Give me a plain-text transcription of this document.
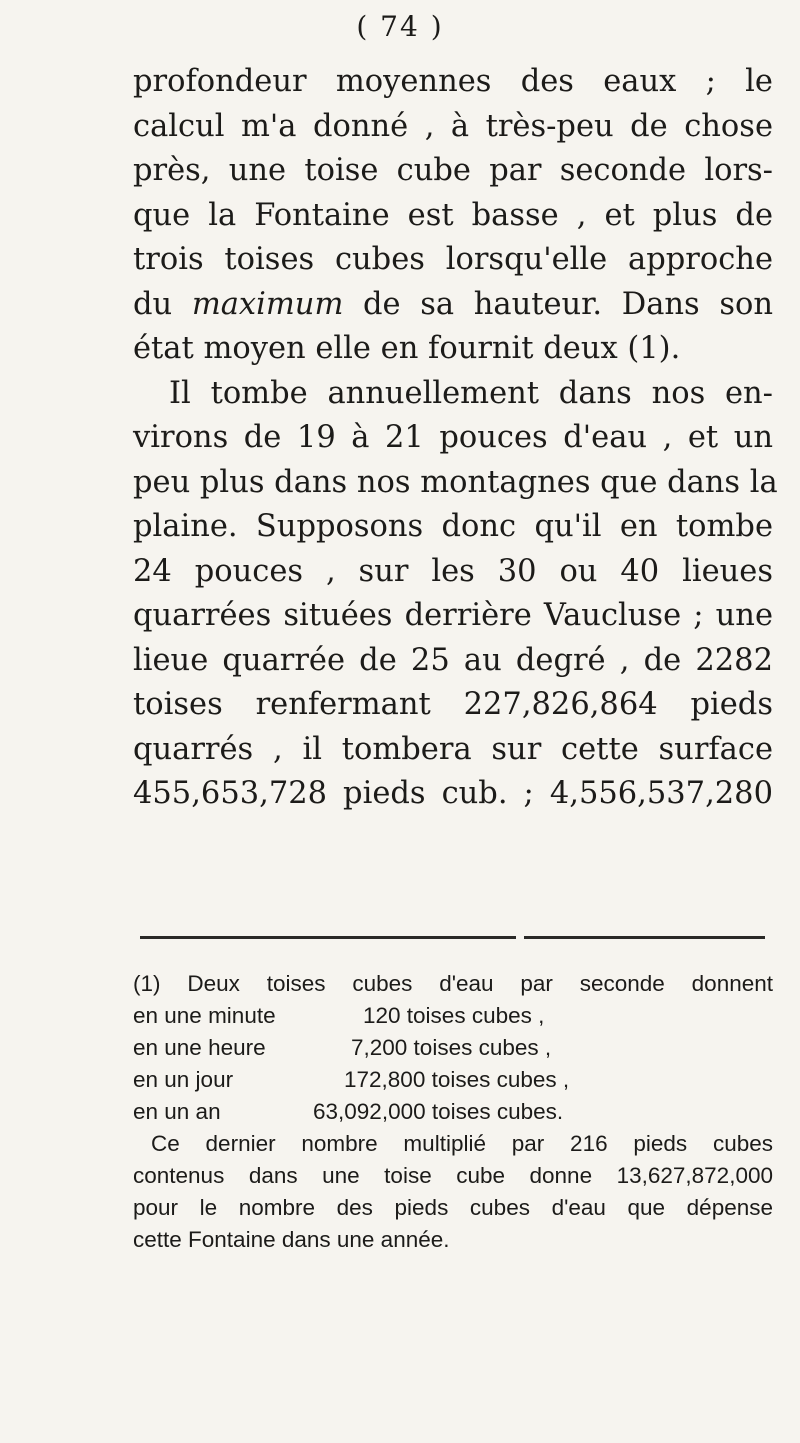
( 74 )
profondeur moyennes des eaux ; le
calcul m'a donné , à très-peu de chose
près, une toise cube par seconde lors-
que la Fontaine est basse , et plus de
trois toises cubes lorsqu'elle approche
du maximum de sa hauteur. Dans son
état moyen elle en fournit deux (1).
Il tombe annuellement dans nos en-
virons de 19 à 21 pouces d'eau , et un
peu plus dans nos montagnes que dans la
plaine. Supposons donc qu'il en tombe
24 pouces , sur les 30 ou 40 lieues
quarrées situées derrière Vaucluse ; une
lieue quarrée de 25 au degré , de 2282
toises renfermant 227,826,864 pieds
quarrés , il tombera sur cette surface
455,653,728 pieds cub. ; 4,556,537,280
(1) Deux toises cubes d'eau par seconde donnent
en une minute	120 toises cubes ,
en une heure	7,200 toises cubes ,
en un jour	172,800 toises cubes ,
en un an	63,092,000 toises cubes.
Ce dernier nombre multiplié par 216 pieds cubes
contenus dans une toise cube donne 13,627,872,000
pour le nombre des pieds cubes d'eau que dépense
cette Fontaine dans une année.
